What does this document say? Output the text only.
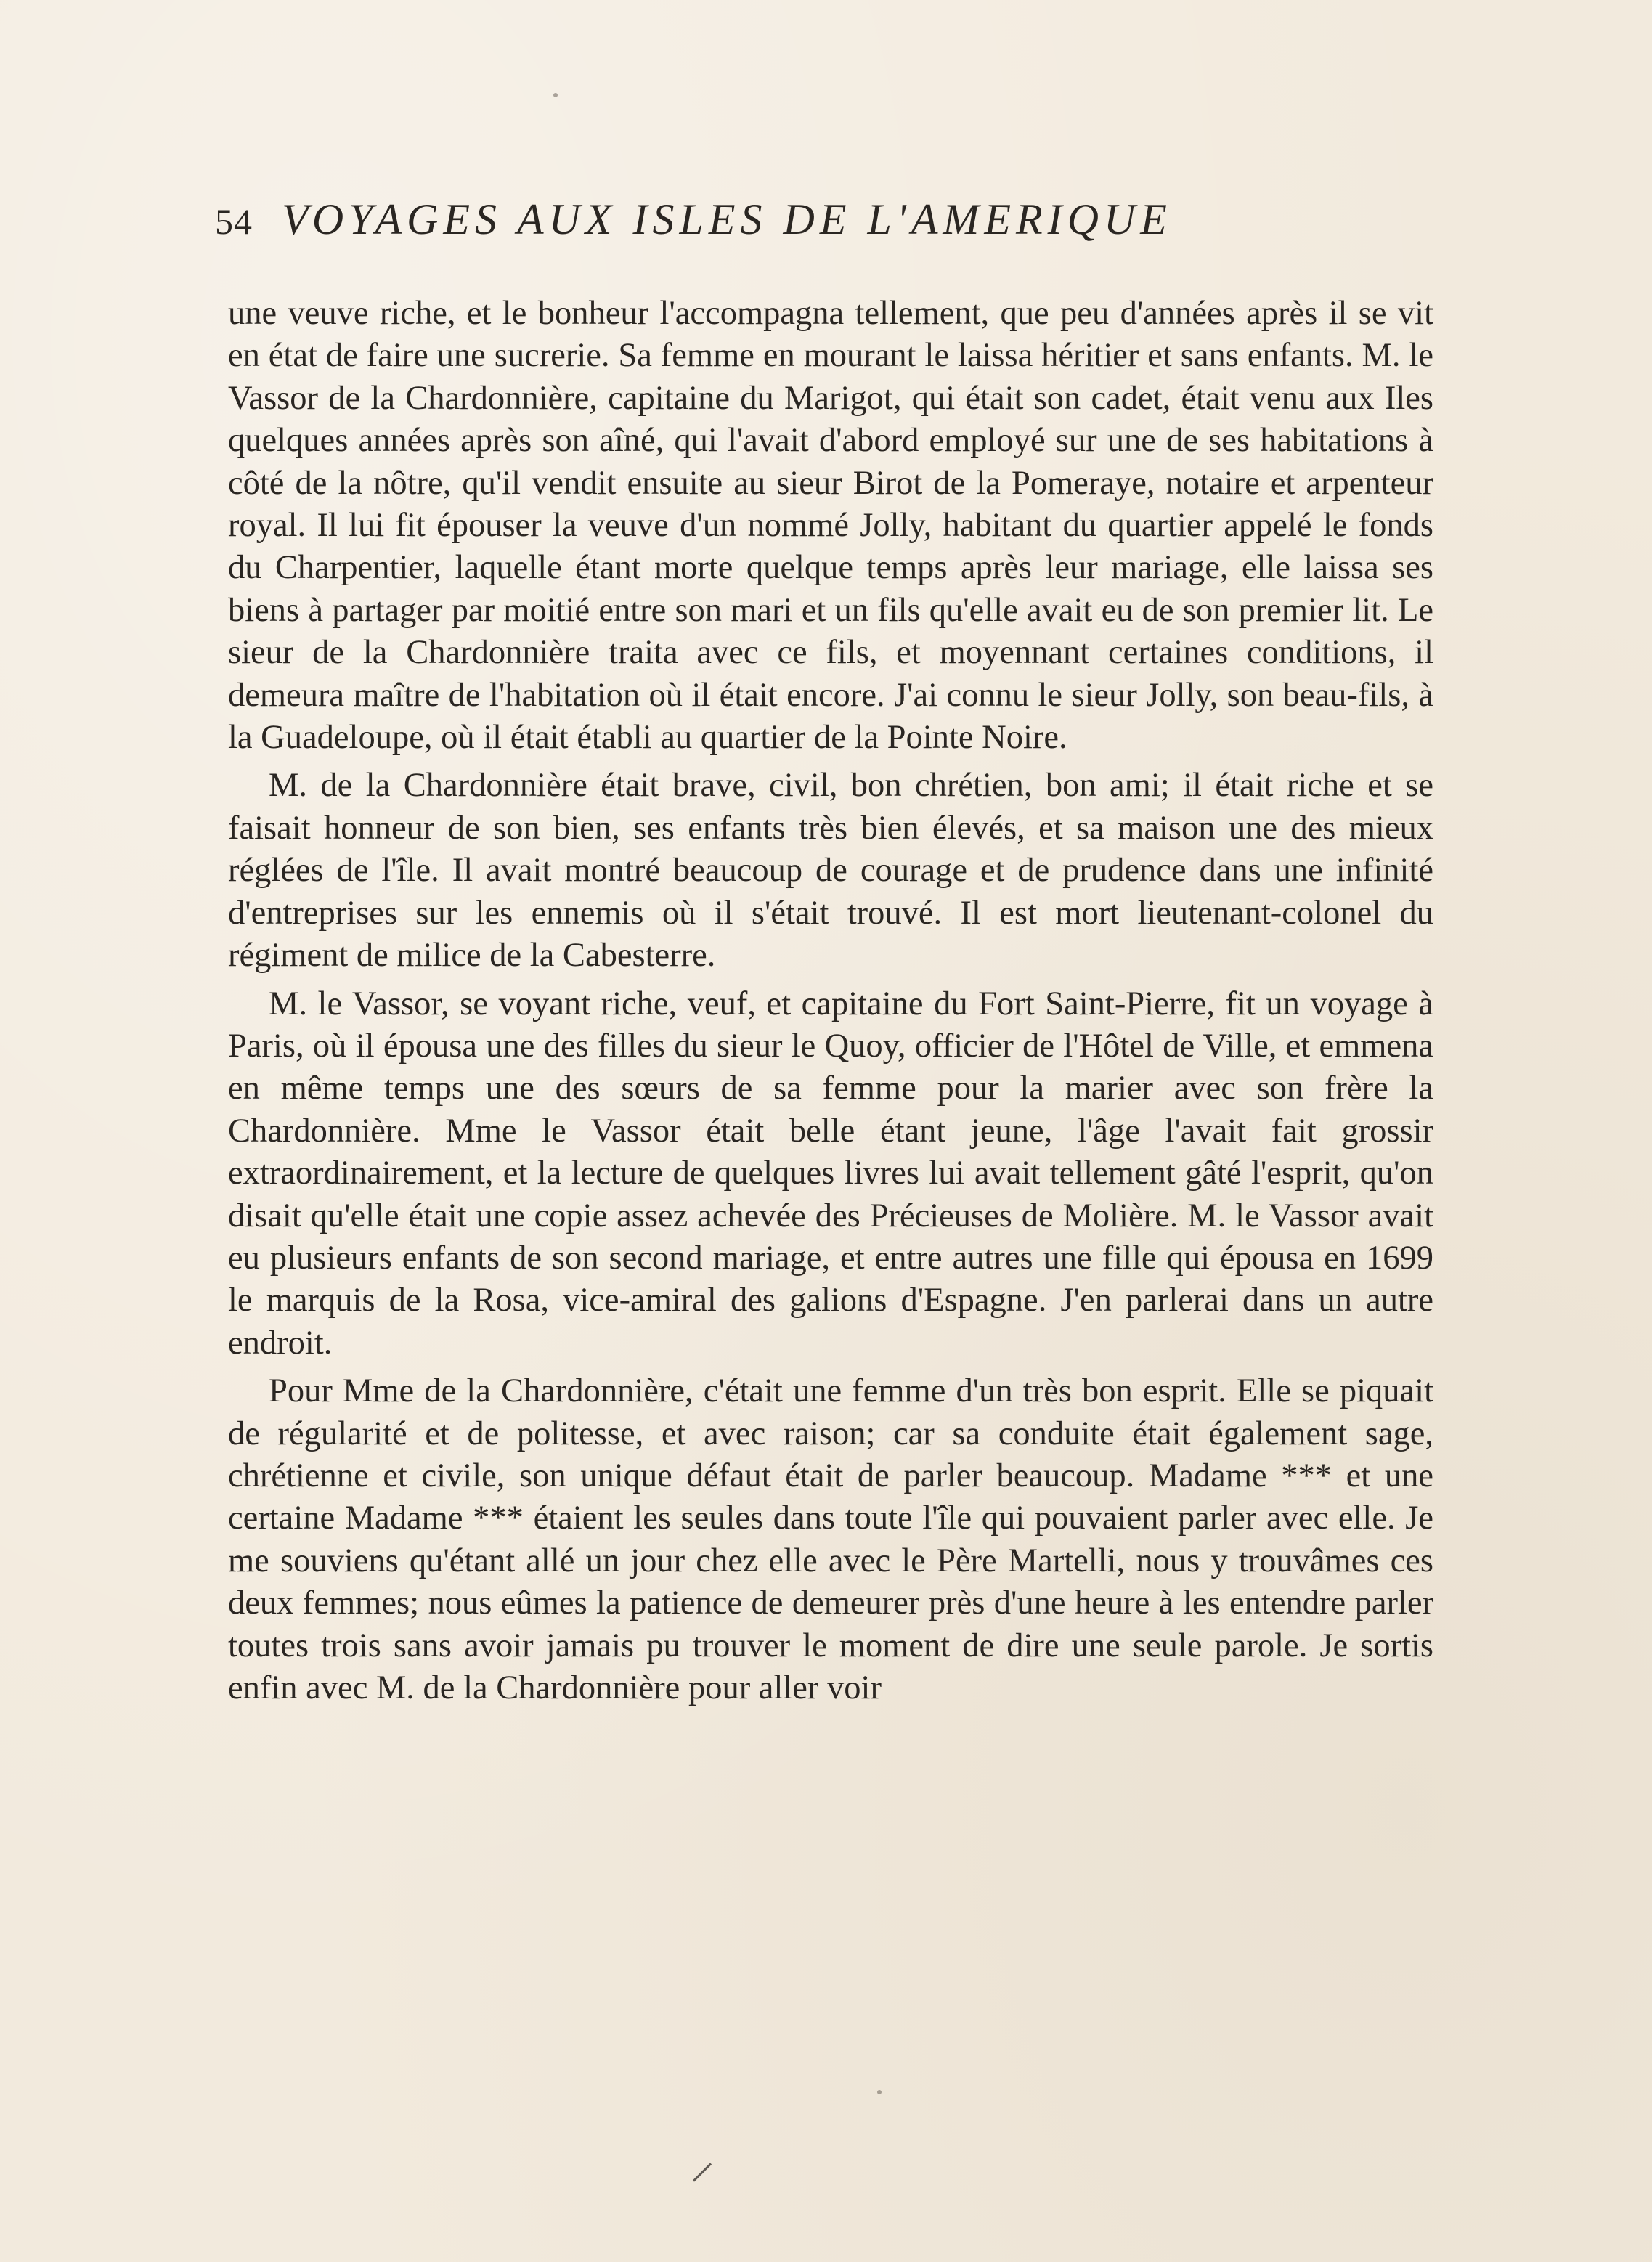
54 VOYAGES AUX ISLES DE L'AMERIQUE

une veuve riche, et le bonheur l'accompagna tellement, que peu d'années après il se vit en état de faire une sucrerie. Sa femme en mourant le laissa héritier et sans enfants. M. le Vassor de la Chardonnière, capitaine du Marigot, qui était son cadet, était venu aux Iles quelques années après son aîné, qui l'avait d'abord employé sur une de ses habitations à côté de la nôtre, qu'il vendit ensuite au sieur Birot de la Pomeraye, notaire et arpenteur royal. Il lui fit épouser la veuve d'un nommé Jolly, habitant du quartier appelé le fonds du Charpentier, laquelle étant morte quelque temps après leur mariage, elle laissa ses biens à partager par moitié entre son mari et un fils qu'elle avait eu de son premier lit. Le sieur de la Chardonnière traita avec ce fils, et moyennant certaines conditions, il demeura maître de l'habitation où il était encore. J'ai connu le sieur Jolly, son beau-fils, à la Guadeloupe, où il était établi au quartier de la Pointe Noire.

M. de la Chardonnière était brave, civil, bon chrétien, bon ami; il était riche et se faisait honneur de son bien, ses enfants très bien élevés, et sa maison une des mieux réglées de l'île. Il avait montré beaucoup de courage et de prudence dans une infinité d'entreprises sur les ennemis où il s'était trouvé. Il est mort lieutenant-colonel du régiment de milice de la Cabesterre.

M. le Vassor, se voyant riche, veuf, et capitaine du Fort Saint-Pierre, fit un voyage à Paris, où il épousa une des filles du sieur le Quoy, officier de l'Hôtel de Ville, et emmena en même temps une des sœurs de sa femme pour la marier avec son frère la Chardonnière. Mme le Vassor était belle étant jeune, l'âge l'avait fait grossir extraordinairement, et la lecture de quelques livres lui avait tellement gâté l'esprit, qu'on disait qu'elle était une copie assez achevée des Précieuses de Molière. M. le Vassor avait eu plusieurs enfants de son second mariage, et entre autres une fille qui épousa en 1699 le marquis de la Rosa, vice-amiral des galions d'Espagne. J'en parlerai dans un autre endroit.

Pour Mme de la Chardonnière, c'était une femme d'un très bon esprit. Elle se piquait de régularité et de politesse, et avec raison; car sa conduite était également sage, chrétienne et civile, son unique défaut était de parler beaucoup. Madame *** et une certaine Madame *** étaient les seules dans toute l'île qui pouvaient parler avec elle. Je me souviens qu'étant allé un jour chez elle avec le Père Martelli, nous y trouvâmes ces deux femmes; nous eûmes la patience de demeurer près d'une heure à les entendre parler toutes trois sans avoir jamais pu trouver le moment de dire une seule parole. Je sortis enfin avec M. de la Chardonnière pour aller voir
